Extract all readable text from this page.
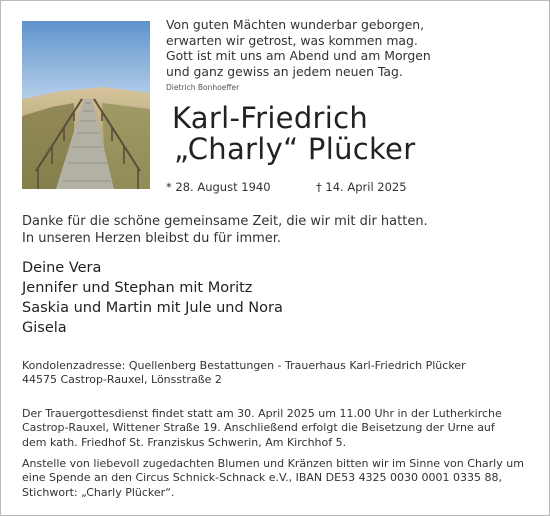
Von guten Mächten wunderbar geborgen,
erwarten wir getrost, was kommen mag.
Gott ist mit uns am Abend und am Morgen
und ganz gewiss an jedem neuen Tag.
Dietrich Bonhoeffer
Karl-Friedrich
„Charly“ Plücker
* 28. August 1940	† 14. April 2025
Danke für die schöne gemeinsame Zeit, die wir mit dir hatten.
In unseren Herzen bleibst du für immer.
Deine Vera
Jennifer und Stephan mit Moritz
Saskia und Martin mit Jule und Nora
Gisela
Kondolenzadresse: Quellenberg Bestattungen - Trauerhaus Karl-Friedrich Plücker
44575 Castrop-Rauxel, Lönsstraße 2
Der Trauergottesdienst findet statt am 30. April 2025 um 11.00 Uhr in der Lutherkirche
Castrop-Rauxel, Wittener Straße 19. Anschließend erfolgt die Beisetzung der Urne auf
dem kath. Friedhof St. Franziskus Schwerin, Am Kirchhof 5.
Anstelle von liebevoll zugedachten Blumen und Kränzen bitten wir im Sinne von Charly um
eine Spende an den Circus Schnick-Schnack e.V., IBAN DE53 4325 0030 0001 0335 88,
Stichwort: „Charly Plücker“.
